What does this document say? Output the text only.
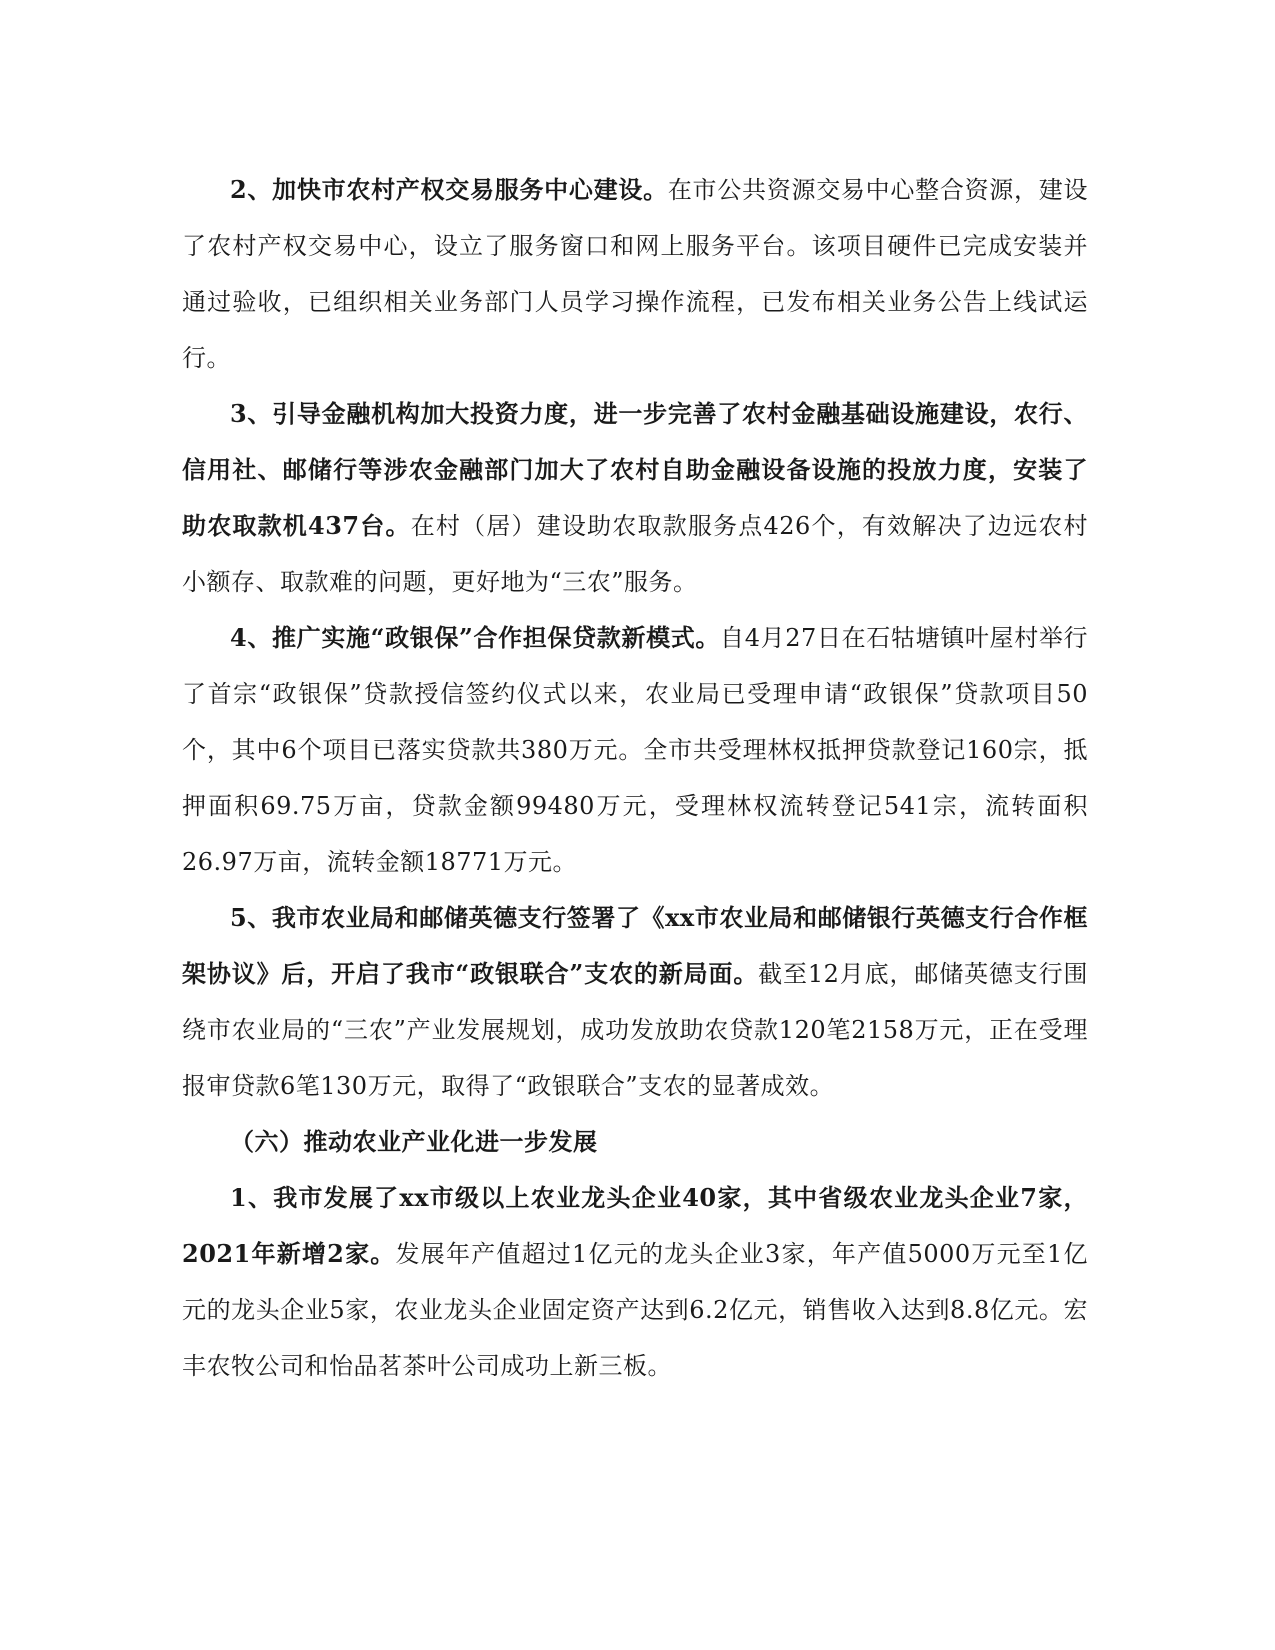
2、加快市农村产权交易服务中心建设。在市公共资源交易中心整合资源，建设了农村产权交易中心，设立了服务窗口和网上服务平台。该项目硬件已完成安装并通过验收，已组织相关业务部门人员学习操作流程，已发布相关业务公告上线试运行。

3、引导金融机构加大投资力度，进一步完善了农村金融基础设施建设，农行、信用社、邮储行等涉农金融部门加大了农村自助金融设备设施的投放力度，安装了助农取款机437台。在村（居）建设助农取款服务点426个，有效解决了边远农村小额存、取款难的问题，更好地为“三农”服务。

4、推广实施“政银保”合作担保贷款新模式。自4月27日在石牯塘镇叶屋村举行了首宗“政银保”贷款授信签约仪式以来，农业局已受理申请“政银保”贷款项目50个，其中6个项目已落实贷款共380万元。全市共受理林权抵押贷款登记160宗，抵押面积69.75万亩，贷款金额99480万元，受理林权流转登记541宗，流转面积26.97万亩，流转金额18771万元。

5、我市农业局和邮储英德支行签署了《xx市农业局和邮储银行英德支行合作框架协议》后，开启了我市“政银联合”支农的新局面。截至12月底，邮储英德支行围绕市农业局的“三农”产业发展规划，成功发放助农贷款120笔2158万元，正在受理报审贷款6笔130万元，取得了“政银联合”支农的显著成效。

（六）推动农业产业化进一步发展

1、我市发展了xx市级以上农业龙头企业40家，其中省级农业龙头企业7家，2021年新增2家。发展年产值超过1亿元的龙头企业3家，年产值5000万元至1亿元的龙头企业5家，农业龙头企业固定资产达到6.2亿元，销售收入达到8.8亿元。宏丰农牧公司和怡品茗茶叶公司成功上新三板。
